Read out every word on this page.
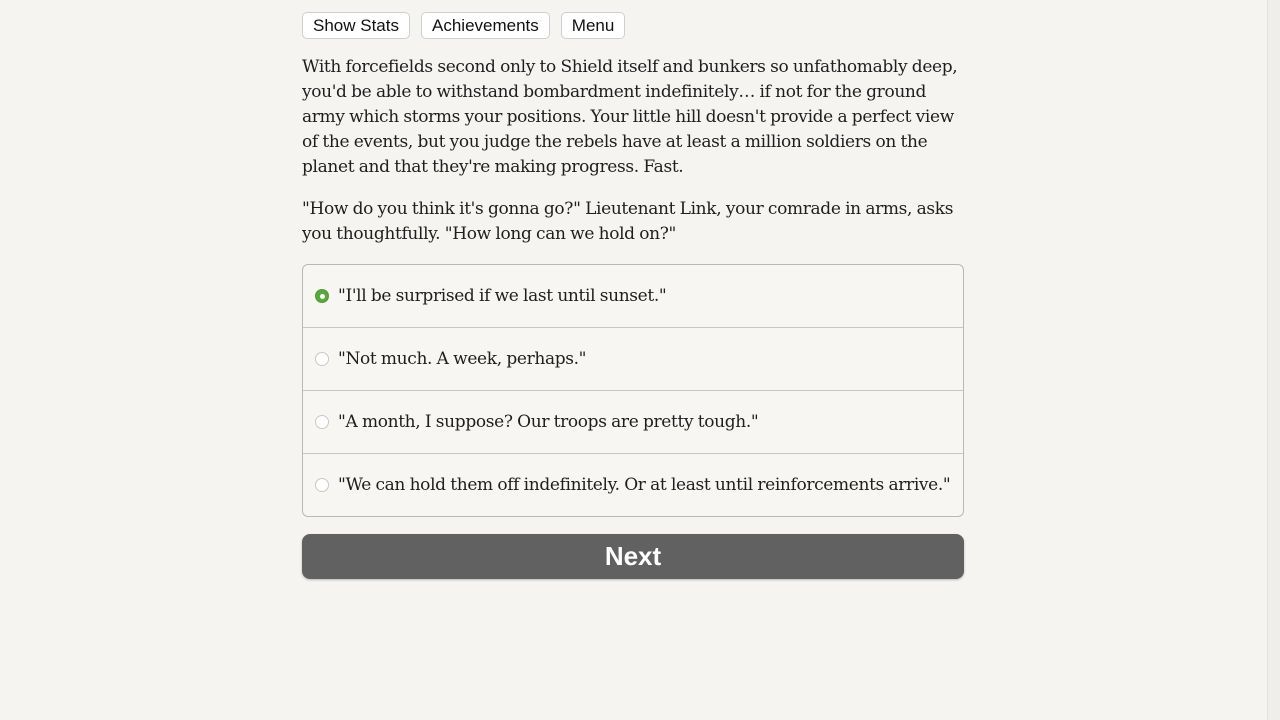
Show Stats	Achievements	Menu

With forcefields second only to Shield itself and bunkers so unfathomably deep, you'd be able to withstand bombardment indefinitely… if not for the ground army which storms your positions. Your little hill doesn't provide a perfect view of the events, but you judge the rebels have at least a million soldiers on the planet and that they're making progress. Fast.

"How do you think it's gonna go?" Lieutenant Link, your comrade in arms, asks you thoughtfully. "How long can we hold on?"

"I'll be surprised if we last until sunset."
"Not much. A week, perhaps."
"A month, I suppose? Our troops are pretty tough."
"We can hold them off indefinitely. Or at least until reinforcements arrive."
Next
